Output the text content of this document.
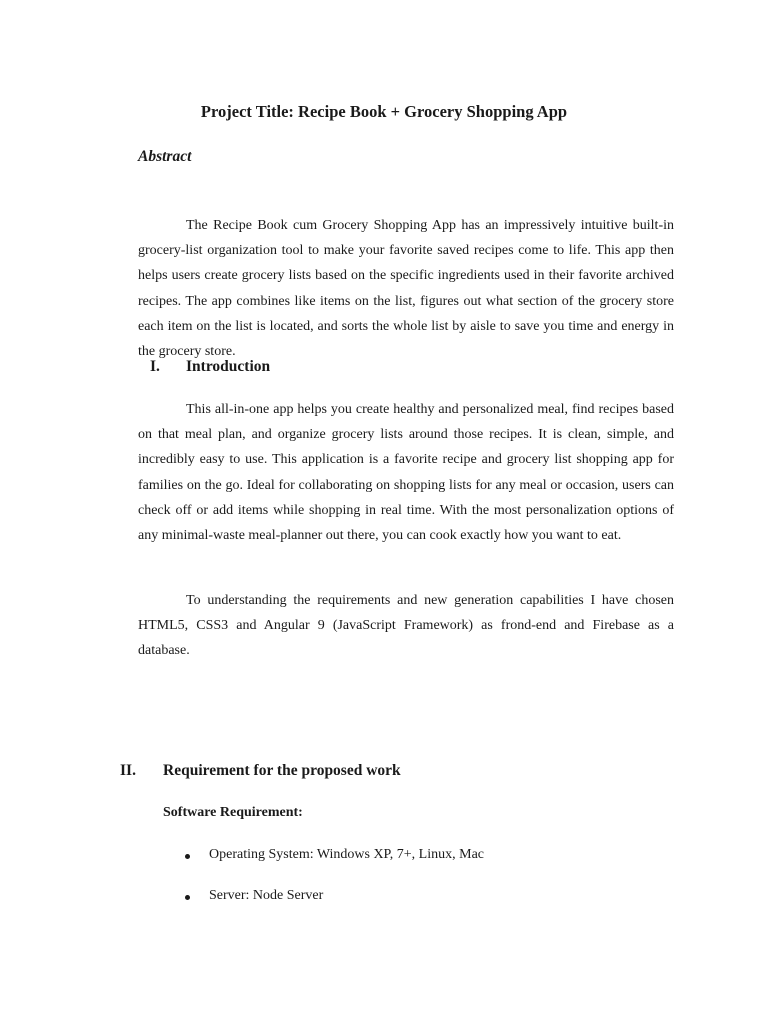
Project Title: Recipe Book + Grocery Shopping App
Abstract

The Recipe Book cum Grocery Shopping App has an impressively intuitive built-in grocery-list organization tool to make your favorite saved recipes come to life. This app then helps users create grocery lists based on the specific ingredients used in their favorite archived recipes. The app combines like items on the list, figures out what section of the grocery store each item on the list is located, and sorts the whole list by aisle to save you time and energy in the grocery store.

I. Introduction

This all-in-one app helps you create healthy and personalized meal, find recipes based on that meal plan, and organize grocery lists around those recipes. It is clean, simple, and incredibly easy to use. This application is a favorite recipe and grocery list shopping app for families on the go. Ideal for collaborating on shopping lists for any meal or occasion, users can check off or add items while shopping in real time. With the most personalization options of any minimal-waste meal-planner out there, you can cook exactly how you want to eat.

To understanding the requirements and new generation capabilities I have chosen HTML5, CSS3 and Angular 9 (JavaScript Framework) as frond-end and Firebase as a database.

II. Requirement for the proposed work
Software Requirement:
Operating System: Windows XP, 7+, Linux, Mac
Server: Node Server
